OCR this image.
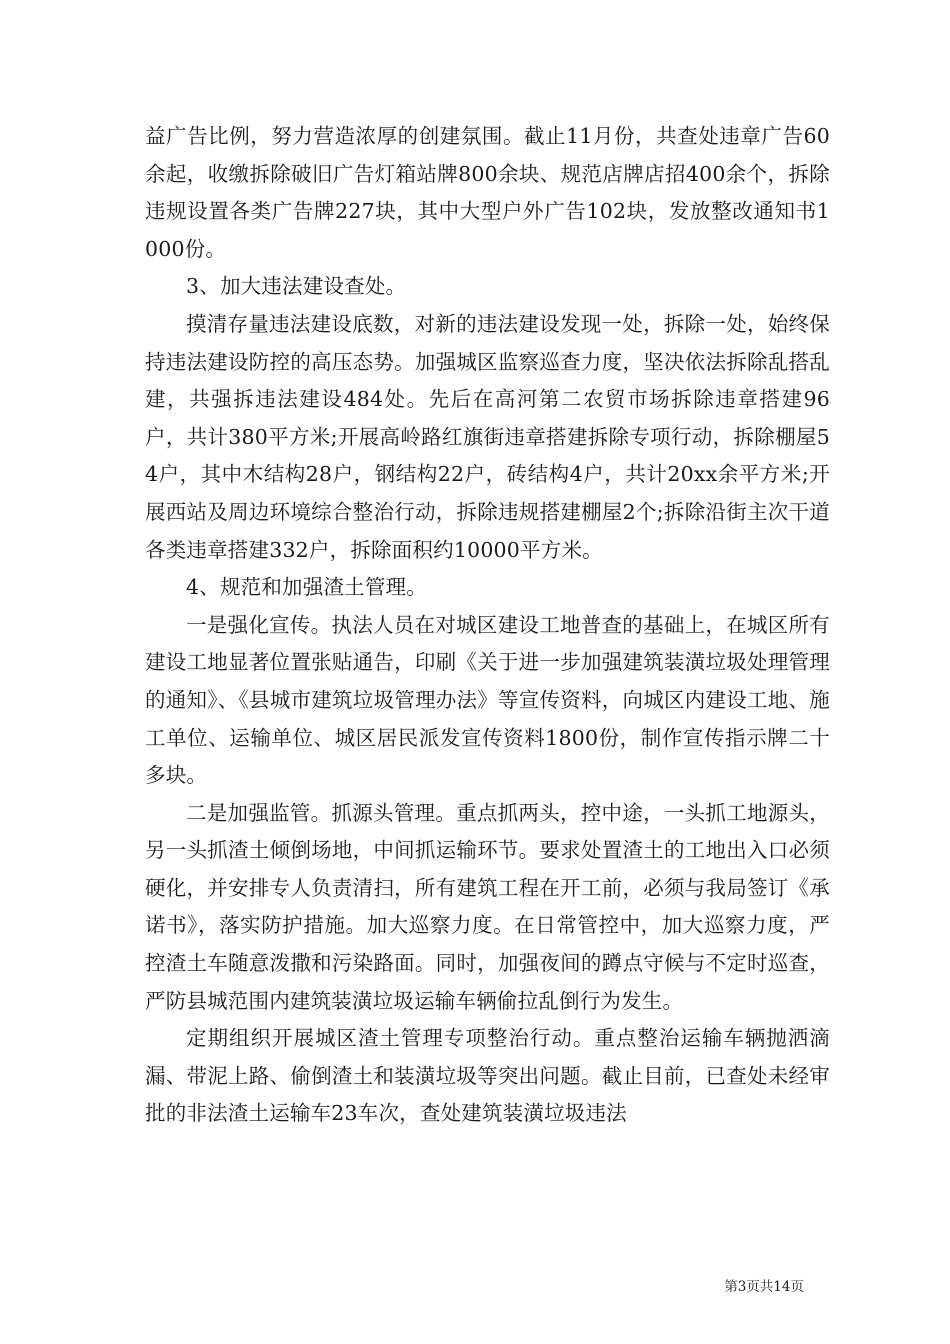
益广告比例，努力营造浓厚的创建氛围。截止11月份，共查处违章广告60余起，收缴拆除破旧广告灯箱站牌800余块、规范店牌店招400余个，拆除违规设置各类广告牌227块，其中大型户外广告102块，发放整改通知书1000份。

3、加大违法建设查处。

摸清存量违法建设底数，对新的违法建设发现一处，拆除一处，始终保持违法建设防控的高压态势。加强城区监察巡查力度，坚决依法拆除乱搭乱建，共强拆违法建设484处。先后在高河第二农贸市场拆除违章搭建96户，共计380平方米;开展高岭路红旗街违章搭建拆除专项行动，拆除棚屋54户，其中木结构28户，钢结构22户，砖结构4户，共计20xx余平方米;开展西站及周边环境综合整治行动，拆除违规搭建棚屋2个;拆除沿街主次干道各类违章搭建332户，拆除面积约10000平方米。

4、规范和加强渣土管理。

一是强化宣传。执法人员在对城区建设工地普查的基础上，在城区所有建设工地显著位置张贴通告，印刷《关于进一步加强建筑装潢垃圾处理管理的通知》、《县城市建筑垃圾管理办法》等宣传资料，向城区内建设工地、施工单位、运输单位、城区居民派发宣传资料1800份，制作宣传指示牌二十多块。

二是加强监管。抓源头管理。重点抓两头，控中途，一头抓工地源头，另一头抓渣土倾倒场地，中间抓运输环节。要求处置渣土的工地出入口必须硬化，并安排专人负责清扫，所有建筑工程在开工前，必须与我局签订《承诺书》，落实防护措施。加大巡察力度。在日常管控中，加大巡察力度，严控渣土车随意泼撒和污染路面。同时，加强夜间的蹲点守候与不定时巡查，严防县城范围内建筑装潢垃圾运输车辆偷拉乱倒行为发生。

定期组织开展城区渣土管理专项整治行动。重点整治运输车辆抛洒滴漏、带泥上路、偷倒渣土和装潢垃圾等突出问题。截止目前，已查处未经审批的非法渣土运输车23车次，查处建筑装潢垃圾违法

第3页共14页
